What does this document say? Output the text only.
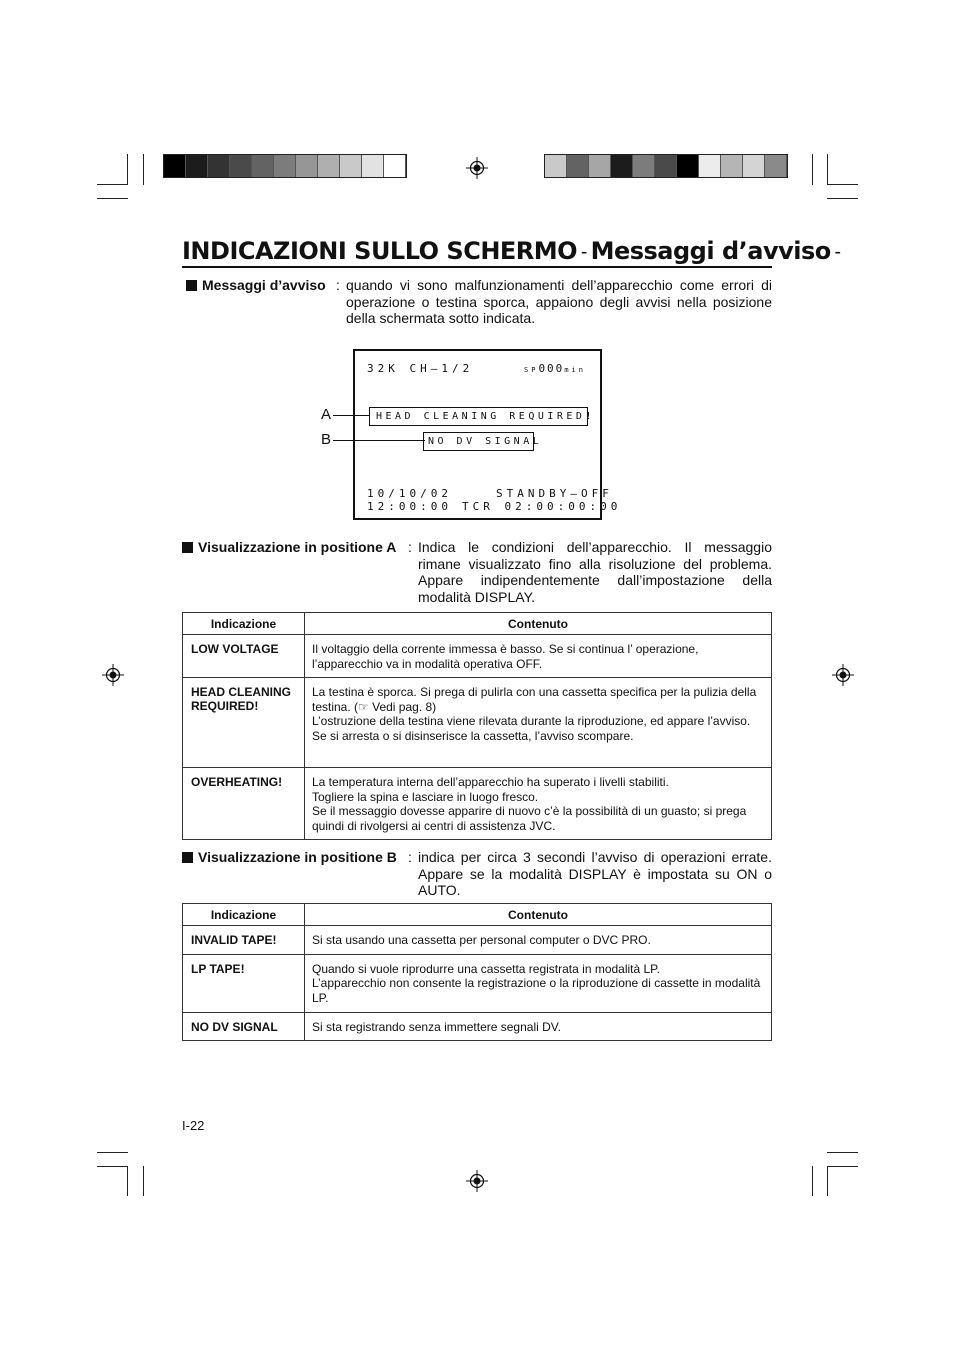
INDICAZIONI SULLO SCHERMO – Messaggi d’avviso –
Messaggi d’avviso : quando vi sono malfunzionamenti dell’apparecchio come errori di operazione o testina sporca, appaiono degli avvisi nella posizione della schermata sotto indicata.
32K CH–1/2	SP000min
HEAD CLEANING REQUIRED!
NO DV SIGNAL
10/10/02	STANDBY–OFF
12:00:00 TCR 02:00:00:00
A
B
Visualizzazione in positione A : Indica le condizioni dell’apparecchio. Il messaggio rimane visualizzato fino alla risoluzione del problema. Appare indipendentemente dall’impostazione della modalità DISPLAY.
Indicazione	Contenuto
LOW VOLTAGE	Il voltaggio della corrente immessa è basso. Se si continua l’ operazione, l’apparecchio va in modalità operativa OFF.

HEAD CLEANING REQUIRED!	La testina è sporca. Si prega di pulirla con una cassetta specifica per la pulizia della testina. (☞ Vedi pag. 8)
L’ostruzione della testina viene rilevata durante la riproduzione, ed appare l’avviso.
Se si arresta o si disinserisce la cassetta, l’avviso scompare.

OVERHEATING!	La temperatura interna dell’apparecchio ha superato i livelli stabiliti.
Togliere la spina e lasciare in luogo fresco.
Se il messaggio dovesse apparire di nuovo c’è la possibilità di un guasto; si prega quindi di rivolgersi ai centri di assistenza JVC.
Visualizzazione in positione B : indica per circa 3 secondi l’avviso di operazioni errate. Appare se la modalità DISPLAY è impostata su ON o AUTO.
Indicazione	Contenuto
INVALID TAPE!	Si sta usando una cassetta per personal computer o DVC PRO.

LP TAPE!	Quando si vuole riprodurre una cassetta registrata in modalità LP.
L’apparecchio non consente la registrazione o la riproduzione di cassette in modalità LP.

NO DV SIGNAL	Si sta registrando senza immettere segnali DV.
I-22
